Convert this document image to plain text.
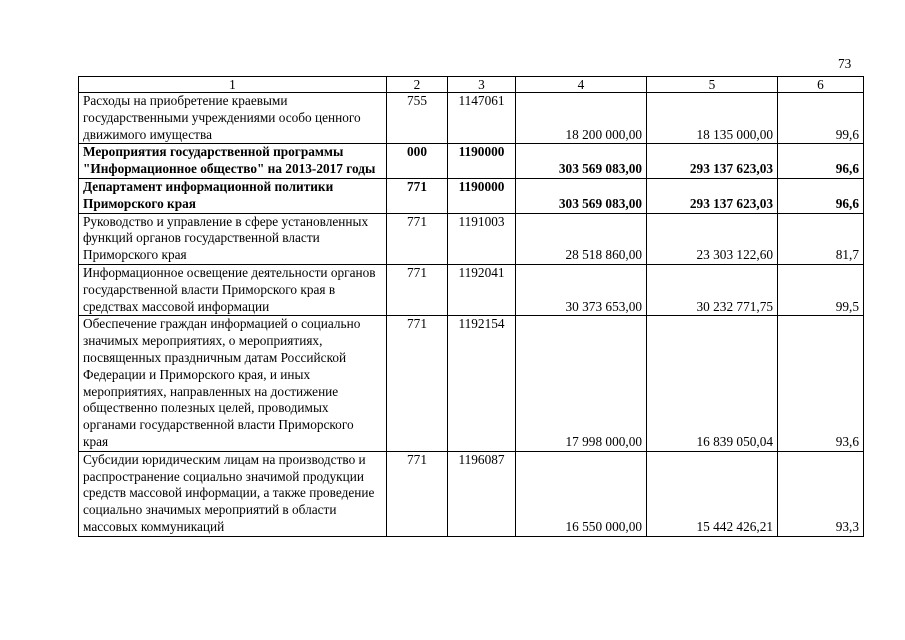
73
1	2	3	4	5	6
Расходы на приобретение краевыми государственными учреждениями особо ценного движимого имущества	755	1147061	18 200 000,00	18 135 000,00	99,6
Мероприятия государственной программы "Информационное общество" на 2013-2017 годы	000	1190000	303 569 083,00	293 137 623,03	96,6
Департамент информационной политики Приморского края	771	1190000	303 569 083,00	293 137 623,03	96,6
Руководство и управление в сфере установленных функций органов государственной власти Приморского края	771	1191003	28 518 860,00	23 303 122,60	81,7
Информационное освещение деятельности органов государственной власти Приморского края в средствах массовой информации	771	1192041	30 373 653,00	30 232 771,75	99,5
Обеспечение граждан информацией о социально значимых мероприятиях, о мероприятиях, посвященных праздничным датам Российской Федерации и Приморского края, и иных мероприятиях, направленных на достижение общественно полезных целей, проводимых органами государственной власти Приморского края	771	1192154	17 998 000,00	16 839 050,04	93,6
Субсидии юридическим лицам на производство и распространение социально значимой продукции средств массовой информации, а также проведение социально значимых мероприятий в области массовых коммуникаций	771	1196087	16 550 000,00	15 442 426,21	93,3
